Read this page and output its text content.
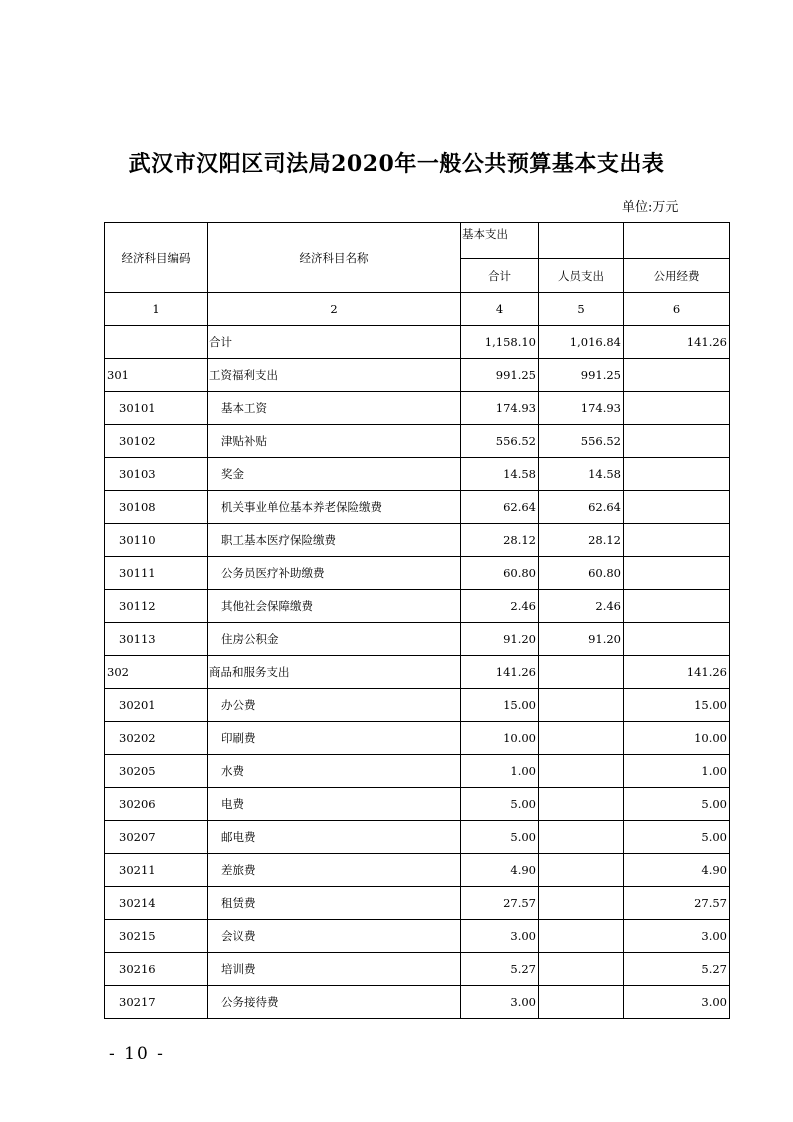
武汉市汉阳区司法局2020年一般公共预算基本支出表
单位:万元
经济科目编码	经济科目名称	基本支出		
		合计	人员支出	公用经费
1	2	4	5	6
	合计	1,158.10	1,016.84	141.26
301	工资福利支出	991.25	991.25	
30101	基本工资	174.93	174.93	
30102	津贴补贴	556.52	556.52	
30103	奖金	14.58	14.58	
30108	机关事业单位基本养老保险缴费	62.64	62.64	
30110	职工基本医疗保险缴费	28.12	28.12	
30111	公务员医疗补助缴费	60.80	60.80	
30112	其他社会保障缴费	2.46	2.46	
30113	住房公积金	91.20	91.20	
302	商品和服务支出	141.26		141.26
30201	办公费	15.00		15.00
30202	印刷费	10.00		10.00
30205	水费	1.00		1.00
30206	电费	5.00		5.00
30207	邮电费	5.00		5.00
30211	差旅费	4.90		4.90
30214	租赁费	27.57		27.57
30215	会议费	3.00		3.00
30216	培训费	5.27		5.27
30217	公务接待费	3.00		3.00
- 10 -
